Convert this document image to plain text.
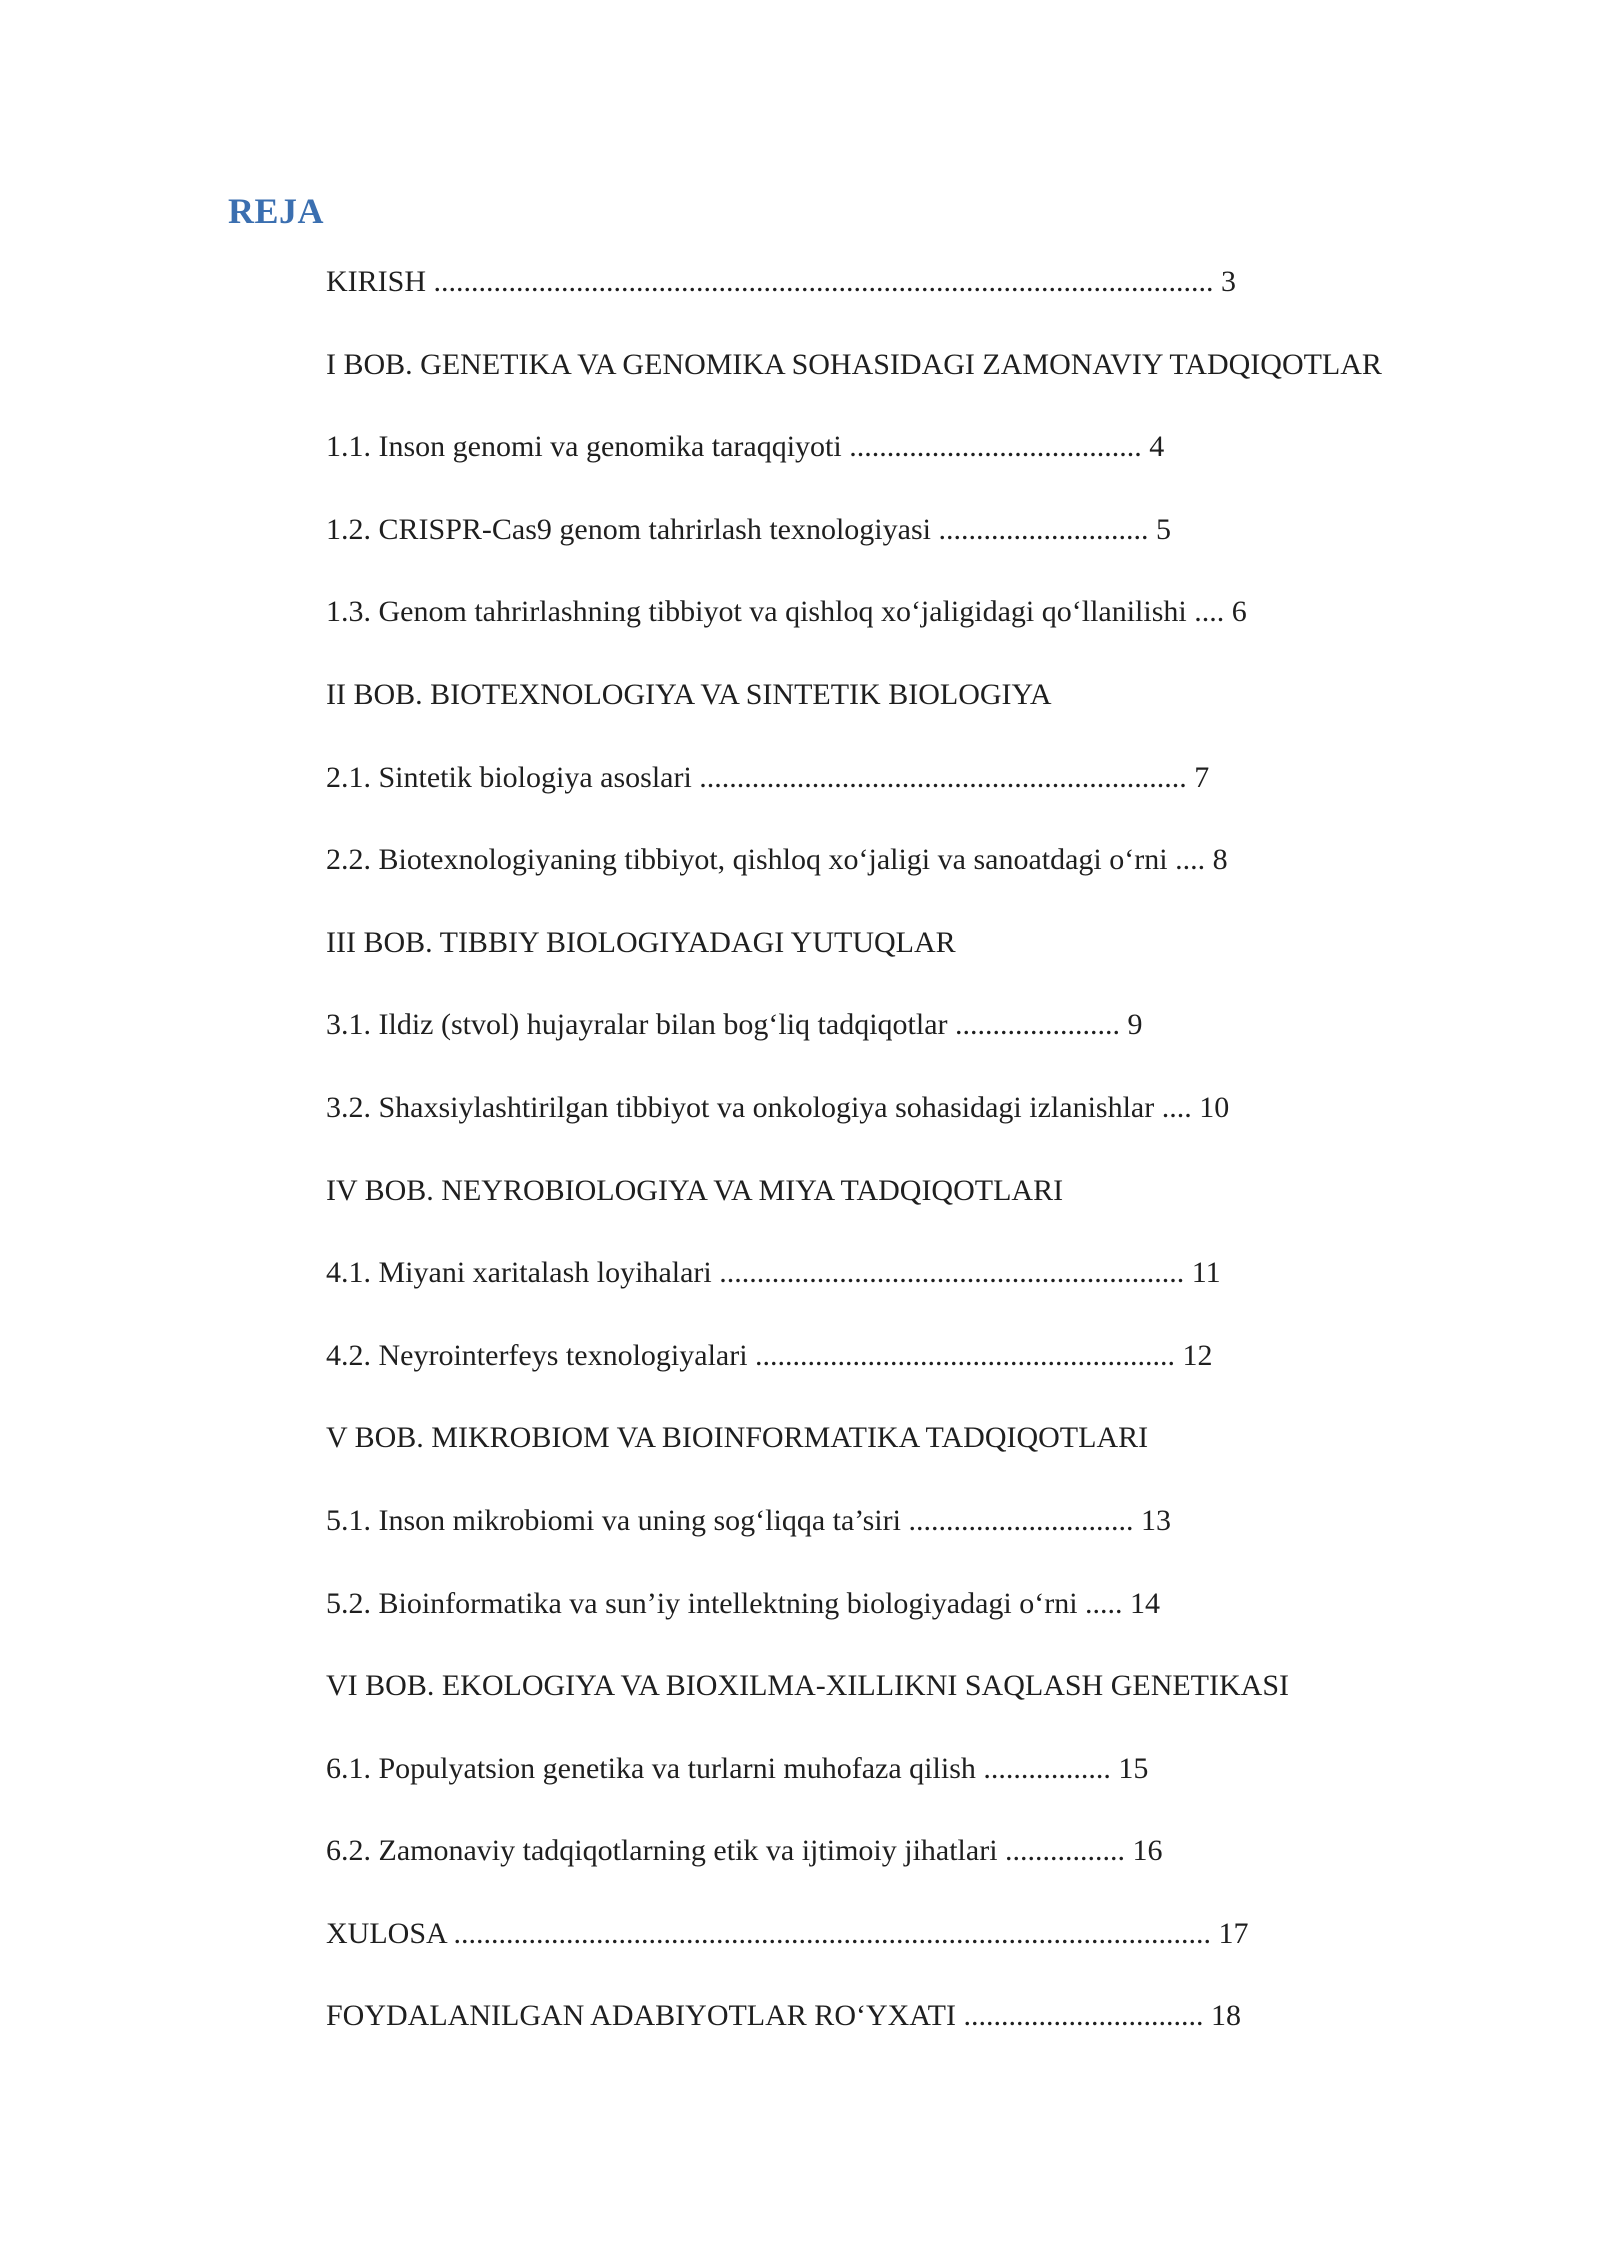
REJA
KIRISH ........................................................................................................ 3
I BOB. GENETIKA VA GENOMIKA SOHASIDAGI ZAMONAVIY TADQIQOTLAR
1.1. Inson genomi va genomika taraqqiyoti ....................................... 4
1.2. CRISPR-Cas9 genom tahrirlash texnologiyasi ............................ 5
1.3. Genom tahrirlashning tibbiyot va qishloq xo‘jaligidagi qo‘llanilishi .... 6
II BOB. BIOTEXNOLOGIYA VA SINTETIK BIOLOGIYA
2.1. Sintetik biologiya asoslari ................................................................. 7
2.2. Biotexnologiyaning tibbiyot, qishloq xo‘jaligi va sanoatdagi o‘rni .... 8
III BOB. TIBBIY BIOLOGIYADAGI YUTUQLAR
3.1. Ildiz (stvol) hujayralar bilan bog‘liq tadqiqotlar ...................... 9
3.2. Shaxsiylashtirilgan tibbiyot va onkologiya sohasidagi izlanishlar .... 10
IV BOB. NEYROBIOLOGIYA VA MIYA TADQIQOTLARI
4.1. Miyani xaritalash loyihalari .............................................................. 11
4.2. Neyrointerfeys texnologiyalari ........................................................ 12
V BOB. MIKROBIOM VA BIOINFORMATIKA TADQIQOTLARI
5.1. Inson mikrobiomi va uning sog‘liqqa ta’siri .............................. 13
5.2. Bioinformatika va sun’iy intellektning biologiyadagi o‘rni ..... 14
VI BOB. EKOLOGIYA VA BIOXILMA-XILLIKNI SAQLASH GENETIKASI
6.1. Populyatsion genetika va turlarni muhofaza qilish ................. 15
6.2. Zamonaviy tadqiqotlarning etik va ijtimoiy jihatlari ................ 16
XULOSA ..................................................................................................... 17
FOYDALANILGAN ADABIYOTLAR RO‘YXATI ................................ 18
